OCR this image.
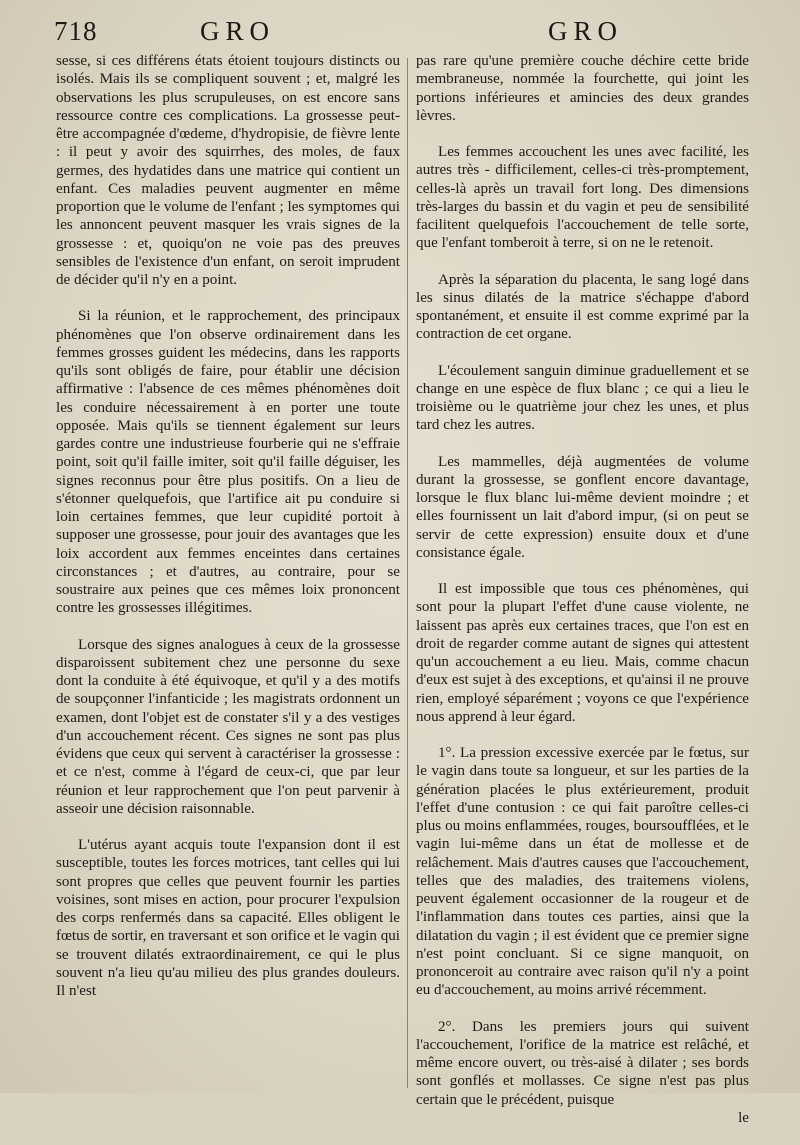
718	GRO	GRO

sesse, si ces différens états étoient toujours distincts ou isolés. Mais ils se compliquent souvent ; et, malgré les observations les plus scrupuleuses, on est encore sans ressource contre ces complications. La grossesse peut-être accompagnée d'œdeme, d'hydropisie, de fièvre lente : il peut y avoir des squirrhes, des moles, de faux germes, des hydatides dans une matrice qui contient un enfant. Ces maladies peuvent augmenter en même proportion que le volume de l'enfant ; les symptomes qui les annoncent peuvent masquer les vrais signes de la grossesse : et, quoiqu'on ne voie pas des preuves sensibles de l'existence d'un enfant, on seroit imprudent de décider qu'il n'y en a point.

Si la réunion, et le rapprochement, des principaux phénomènes que l'on observe ordinairement dans les femmes grosses guident les médecins, dans les rapports qu'ils sont obligés de faire, pour établir une décision affirmative : l'absence de ces mêmes phénomènes doit les conduire nécessairement à en porter une toute opposée. Mais qu'ils se tiennent également sur leurs gardes contre une industrieuse fourberie qui ne s'effraie point, soit qu'il faille imiter, soit qu'il faille déguiser, les signes reconnus pour être plus positifs. On a lieu de s'étonner quelquefois, que l'artifice ait pu conduire si loin certaines femmes, que leur cupidité portoit à supposer une grossesse, pour jouir des avantages que les loix accordent aux femmes enceintes dans certaines circonstances ; et d'autres, au contraire, pour se soustraire aux peines que ces mêmes loix prononcent contre les grossesses illégitimes.

Lorsque des signes analogues à ceux de la grossesse disparoissent subitement chez une personne du sexe dont la conduite à été équivoque, et qu'il y a des motifs de soupçonner l'infanticide ; les magistrats ordonnent un examen, dont l'objet est de constater s'il y a des vestiges d'un accouchement récent. Ces signes ne sont pas plus évidens que ceux qui servent à caractériser la grossesse : et ce n'est, comme à l'égard de ceux-ci, que par leur réunion et leur rapprochement que l'on peut parvenir à asseoir une décision raisonnable.

L'utérus ayant acquis toute l'expansion dont il est susceptible, toutes les forces motrices, tant celles qui lui sont propres que celles que peuvent fournir les parties voisines, sont mises en action, pour procurer l'expulsion des corps renfermés dans sa capacité. Elles obligent le fœtus de sortir, en traversant et son orifice et le vagin qui se trouvent dilatés extraordinairement, ce qui le plus souvent n'a lieu qu'au milieu des plus grandes douleurs. Il n'est

pas rare qu'une première couche déchire cette bride membraneuse, nommée la fourchette, qui joint les portions inférieures et amincies des deux grandes lèvres.

Les femmes accouchent les unes avec facilité, les autres très - difficilement, celles-ci très-promptement, celles-là après un travail fort long. Des dimensions très-larges du bassin et du vagin et peu de sensibilité facilitent quelquefois l'accouchement de telle sorte, que l'enfant tomberoit à terre, si on ne le retenoit.

Après la séparation du placenta, le sang logé dans les sinus dilatés de la matrice s'échappe d'abord spontanément, et ensuite il est comme exprimé par la contraction de cet organe.

L'écoulement sanguin diminue graduellement et se change en une espèce de flux blanc ; ce qui a lieu le troisième ou le quatrième jour chez les unes, et plus tard chez les autres.

Les mammelles, déjà augmentées de volume durant la grossesse, se gonflent encore davantage, lorsque le flux blanc lui-même devient moindre ; et elles fournissent un lait d'abord impur, (si on peut se servir de cette expression) ensuite doux et d'une consistance égale.

Il est impossible que tous ces phénomènes, qui sont pour la plupart l'effet d'une cause violente, ne laissent pas après eux certaines traces, que l'on est en droit de regarder comme autant de signes qui attestent qu'un accouchement a eu lieu. Mais, comme chacun d'eux est sujet à des exceptions, et qu'ainsi il ne prouve rien, employé séparément ; voyons ce que l'expérience nous apprend à leur égard.

1°. La pression excessive exercée par le fœtus, sur le vagin dans toute sa longueur, et sur les parties de la génération placées le plus extérieurement, produit l'effet d'une contusion : ce qui fait paroître celles-ci plus ou moins enflammées, rouges, boursoufflées, et le vagin lui-même dans un état de mollesse et de relâchement. Mais d'autres causes que l'accouchement, telles que des maladies, des traitemens violens, peuvent également occasionner de la rougeur et de l'inflammation dans toutes ces parties, ainsi que la dilatation du vagin ; il est évident que ce premier signe n'est point concluant. Si ce signe manquoit, on prononceroit au contraire avec raison qu'il n'y a point eu d'accouchement, au moins arrivé récemment.

2°. Dans les premiers jours qui suivent l'accouchement, l'orifice de la matrice est relâché, et même encore ouvert, ou très-aisé à dilater ; ses bords sont gonflés et mollasses. Ce signe n'est pas plus certain que le précédent, puisque

le
